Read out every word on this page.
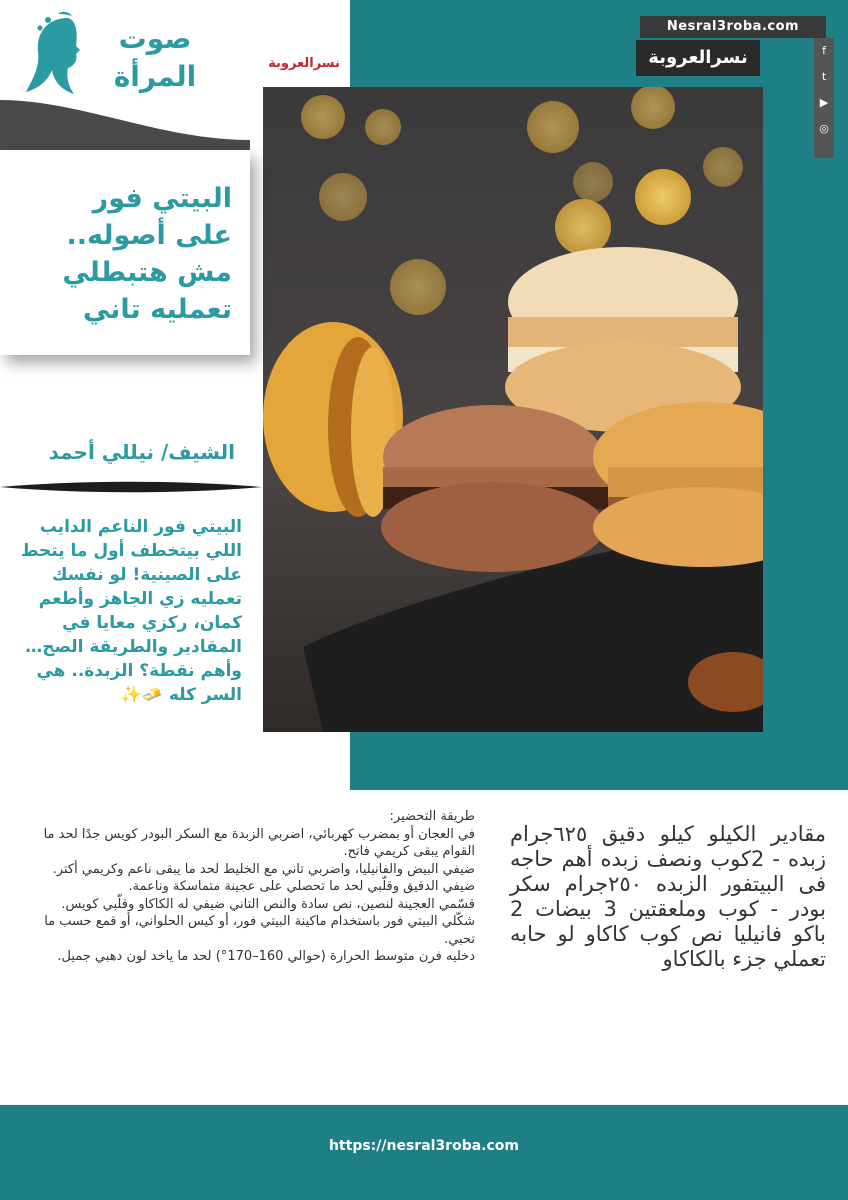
صوت
المرأة	نسرالعروبة
Nesral3roba.com
نسرالعروبة	f
t
▶
◎
البيتي فور
على أصوله..
مش هتبطلي
تعمليه تاني
الشيف/ نيللي أحمد
البيتي فور الناعم الدايب اللي بيتخطف أول ما يتحط على الصينية! لو نفسك تعمليه زي الجاهز وأطعم كمان، ركزي معايا في المقادير والطريقة الصح… وأهم نقطة؟ الزبدة.. هي السر كله 🧈✨
طريقة التحضير:
في العجان أو بمضرب كهربائي، اضربي الزبدة مع السكر البودر كويس جدًا لحد ما القوام يبقى كريمي فاتح.
ضيفي البيض والفانيليا، واضربي تاني مع الخليط لحد ما يبقى ناعم وكريمي أكتر.
ضيفي الدقيق وقلّبي لحد ما تحصلي على عجينة متماسكة وناعمة.
قسّمي العجينة لنصين، نص سادة والنص التاني ضيفي له الكاكاو وقلّبي كويس.
شكّلي البيتي فور باستخدام ماكينة البيتي فور، أو كيس الحلواني، أو قمع حسب ما تحبي.
دخليه فرن متوسط الحرارة (حوالي 160–170°) لحد ما ياخد لون دهبي جميل.
مقادير الكيلو كيلو دقيق ٦٢٥جرام زبده - 2كوب ونصف زبده أهم حاجه فى البيتفور الزبده ٢٥٠جرام سكر بودر - كوب وملعقتين 3 بيضات 2 باكو فانيليا نص كوب كاكاو لو حابه تعملي جزء بالكاكاو
https://nesral3roba.com
